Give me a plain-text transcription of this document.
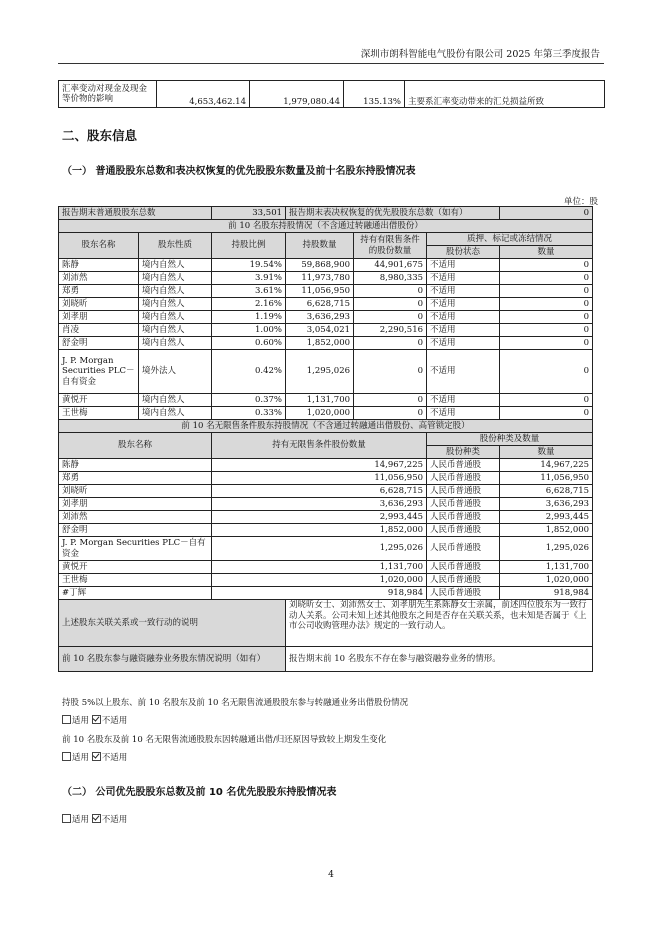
深圳市朗科智能电气股份有限公司 2025 年第三季度报告
汇率变动对现金及现金等价物的影响	4,653,462.14	1,979,080.44	135.13%	主要系汇率变动带来的汇兑损益所致
二、股东信息
（一） 普通股股东总数和表决权恢复的优先股股东数量及前十名股东持股情况表
单位：股
报告期末普通股股东总数		33,501	报告期末表决权恢复的优先股股东总数（如有）			0
前 10 名股东持股情况（不含通过转融通出借股份）						
股东名称	股东性质	持股比例	持股数量	持有有限售条件的股份数量	质押、标记或冻结情况	
					股份状态	数量
陈静	境内自然人	19.54%	59,868,900	44,901,675	不适用	0
刘沛然	境内自然人	3.91%	11,973,780	8,980,335	不适用	0
郑勇	境内自然人	3.61%	11,056,950	0	不适用	0
刘晓昕	境内自然人	2.16%	6,628,715	0	不适用	0
刘孝朋	境内自然人	1.19%	3,636,293	0	不适用	0
肖凌	境内自然人	1.00%	3,054,021	2,290,516	不适用	0
舒金明	境内自然人	0.60%	1,852,000	0	不适用	0
J. P. Morgan Securities PLC－自有资金	境外法人	0.42%	1,295,026	0	不适用	0
黄悦开	境内自然人	0.37%	1,131,700	0	不适用	0
王世梅	境内自然人	0.33%	1,020,000	0	不适用	0
前 10 名无限售条件股东持股情况（不含通过转融通出借股份、高管锁定股）						
股东名称		持有无限售条件股份数量			股份种类及数量	
					股份种类	数量
陈静		14,967,225			人民币普通股	14,967,225
郑勇		11,056,950			人民币普通股	11,056,950
刘晓昕		6,628,715			人民币普通股	6,628,715
刘孝朋		3,636,293			人民币普通股	3,636,293
刘沛然		2,993,445			人民币普通股	2,993,445
舒金明		1,852,000			人民币普通股	1,852,000
J. P. Morgan Securities PLC－自有资金		1,295,026			人民币普通股	1,295,026
黄悦开		1,131,700			人民币普通股	1,131,700
王世梅		1,020,000			人民币普通股	1,020,000
#丁辉		918,984			人民币普通股	918,984
上述股东关联关系或一致行动的说明			刘晓昕女士、刘沛然女士、刘孝朋先生系陈静女士亲属，前述四位股东为一致行动人关系。公司未知上述其他股东之间是否存在关联关系，也未知是否属于《上市公司收购管理办法》规定的一致行动人。			
前 10 名股东参与融资融券业务股东情况说明（如有）			报告期末前 10 名股东不存在参与融资融券业务的情形。			
持股 5%以上股东、前 10 名股东及前 10 名无限售流通股股东参与转融通业务出借股份情况
适用 不适用
前 10 名股东及前 10 名无限售流通股股东因转融通出借/归还原因导致较上期发生变化
适用 不适用
（二） 公司优先股股东总数及前 10 名优先股股东持股情况表
适用 不适用
4
